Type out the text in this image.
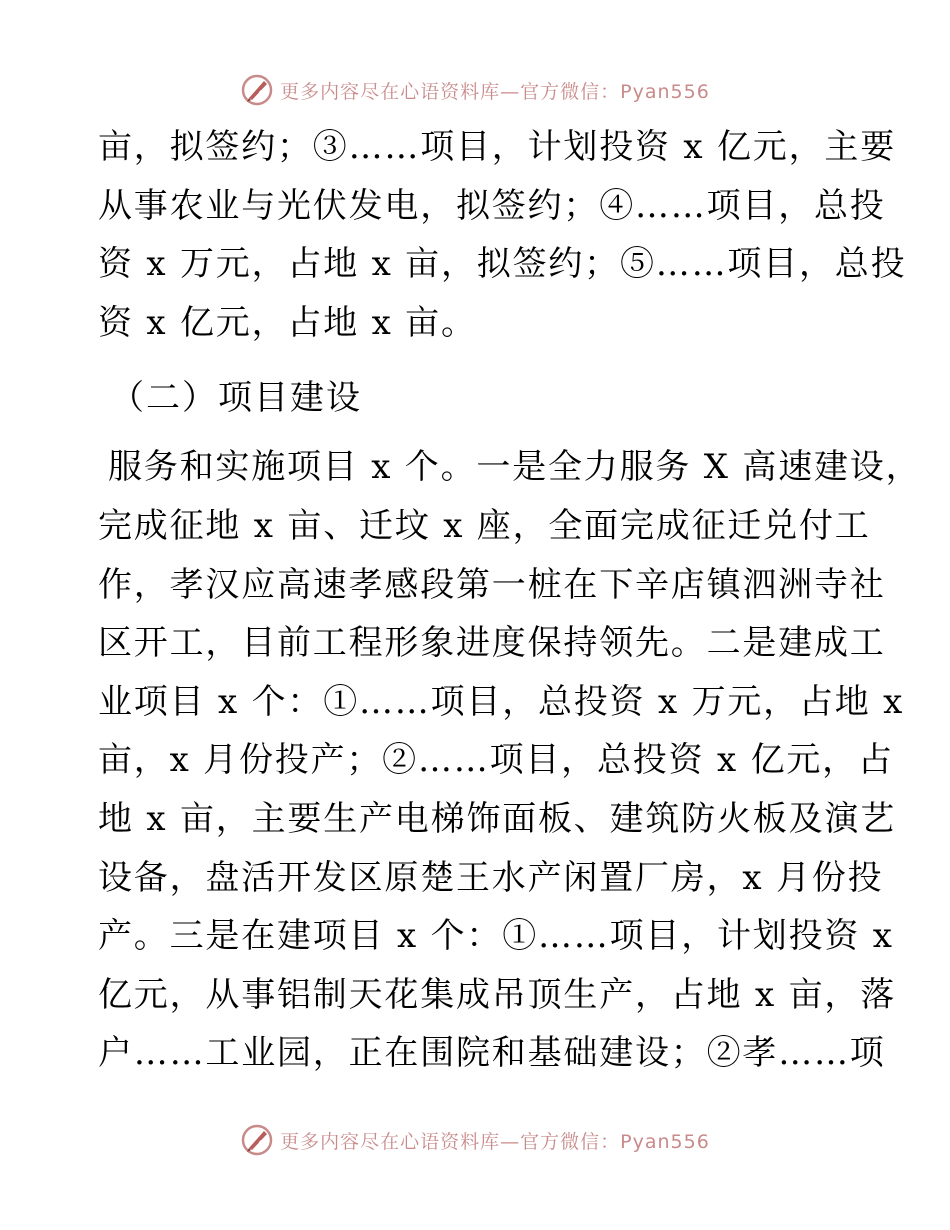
更多内容尽在心语资料库—官方微信：Pyan556
亩，拟签约；③……项目，计划投资 x 亿元，主要
从事农业与光伏发电，拟签约；④……项目，总投
资 x 万元，占地 x 亩，拟签约；⑤……项目，总投
资 x 亿元，占地 x 亩。
（二）项目建设
服务和实施项目 x 个。一是全力服务 X 高速建设，
完成征地 x 亩、迁坟 x 座，全面完成征迁兑付工
作，孝汉应高速孝感段第一桩在下辛店镇泗洲寺社
区开工，目前工程形象进度保持领先。二是建成工
业项目 x 个：①……项目，总投资 x 万元，占地 x
亩，x 月份投产；②……项目，总投资 x 亿元，占
地 x 亩，主要生产电梯饰面板、建筑防火板及演艺
设备，盘活开发区原楚王水产闲置厂房，x 月份投
产。三是在建项目 x 个：①……项目，计划投资 x
亿元，从事铝制天花集成吊顶生产，占地 x 亩，落
户……工业园，正在围院和基础建设；②孝……项
更多内容尽在心语资料库—官方微信：Pyan556
